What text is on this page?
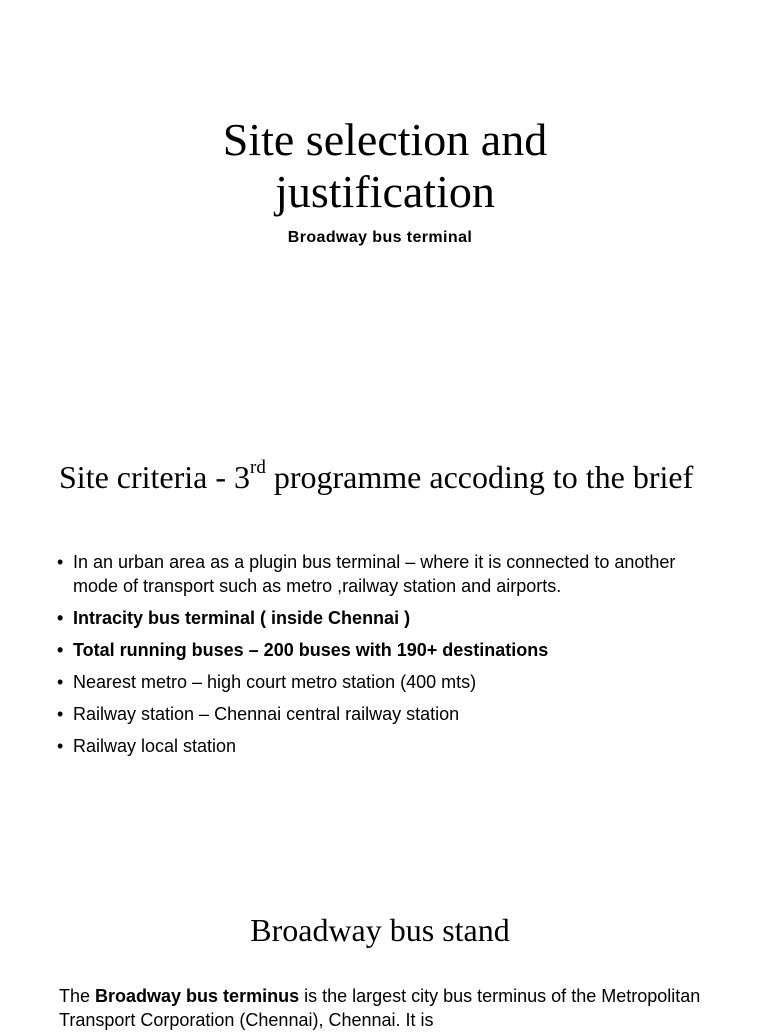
Site selection and justification

Broadway bus terminal

Site criteria - 3rd programme accoding to the brief
• In an urban area as a plugin bus terminal – where it is connected to another mode of transport such as metro ,railway station and airports.
• Intracity bus terminal ( inside Chennai )
• Total running buses – 200 buses with 190+ destinations
• Nearest metro – high court metro station (400 mts)
• Railway station – Chennai central railway station
• Railway local station
Broadway bus stand

The Broadway bus terminus is the largest city bus terminus of the Metropolitan Transport Corporation (Chennai), Chennai. It is
